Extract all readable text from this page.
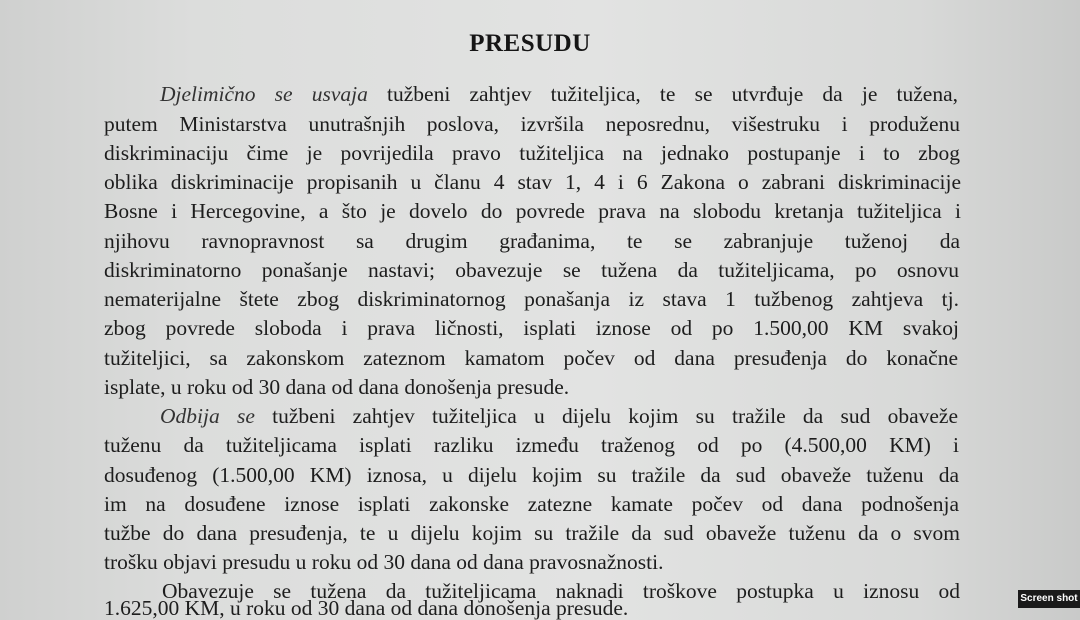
PRESUDU
Djelimično se usvaja tužbeni zahtjev tužiteljica, te se utvrđuje da je tužena,
putem Ministarstva unutrašnjih poslova, izvršila neposrednu, višestruku i produženu
diskriminaciju čime je povrijedila pravo tužiteljica na jednako postupanje i to zbog
oblika diskriminacije propisanih u članu 4 stav 1, 4 i 6 Zakona o zabrani diskriminacije
Bosne i Hercegovine, a što je dovelo do povrede prava na slobodu kretanja tužiteljica i
njihovu ravnopravnost sa drugim građanima, te se zabranjuje tuženoj da
diskriminatorno ponašanje nastavi; obavezuje se tužena da tužiteljicama, po osnovu
nematerijalne štete zbog diskriminatornog ponašanja iz stava 1 tužbenog zahtjeva tj.
zbog povrede sloboda i prava ličnosti, isplati iznose od po 1.500,00 KM svakoj
tužiteljici, sa zakonskom zateznom kamatom počev od dana presuđenja do konačne
isplate, u roku od 30 dana od dana donošenja presude.
Odbija se tužbeni zahtjev tužiteljica u dijelu kojim su tražile da sud obaveže
tuženu da tužiteljicama isplati razliku između traženog od po (4.500,00 KM) i
dosuđenog (1.500,00 KM) iznosa, u dijelu kojim su tražile da sud obaveže tuženu da
im na dosuđene iznose isplati zakonske zatezne kamate počev od dana podnošenja
tužbe do dana presuđenja, te u dijelu kojim su tražile da sud obaveže tuženu da o svom
trošku objavi presudu u roku od 30 dana od dana pravosnažnosti.
Obavezuje se tužena da tužiteljicama naknadi troškove postupka u iznosu od
1.625,00 KM, u roku od 30 dana od dana donošenja presude.	Screen shot
